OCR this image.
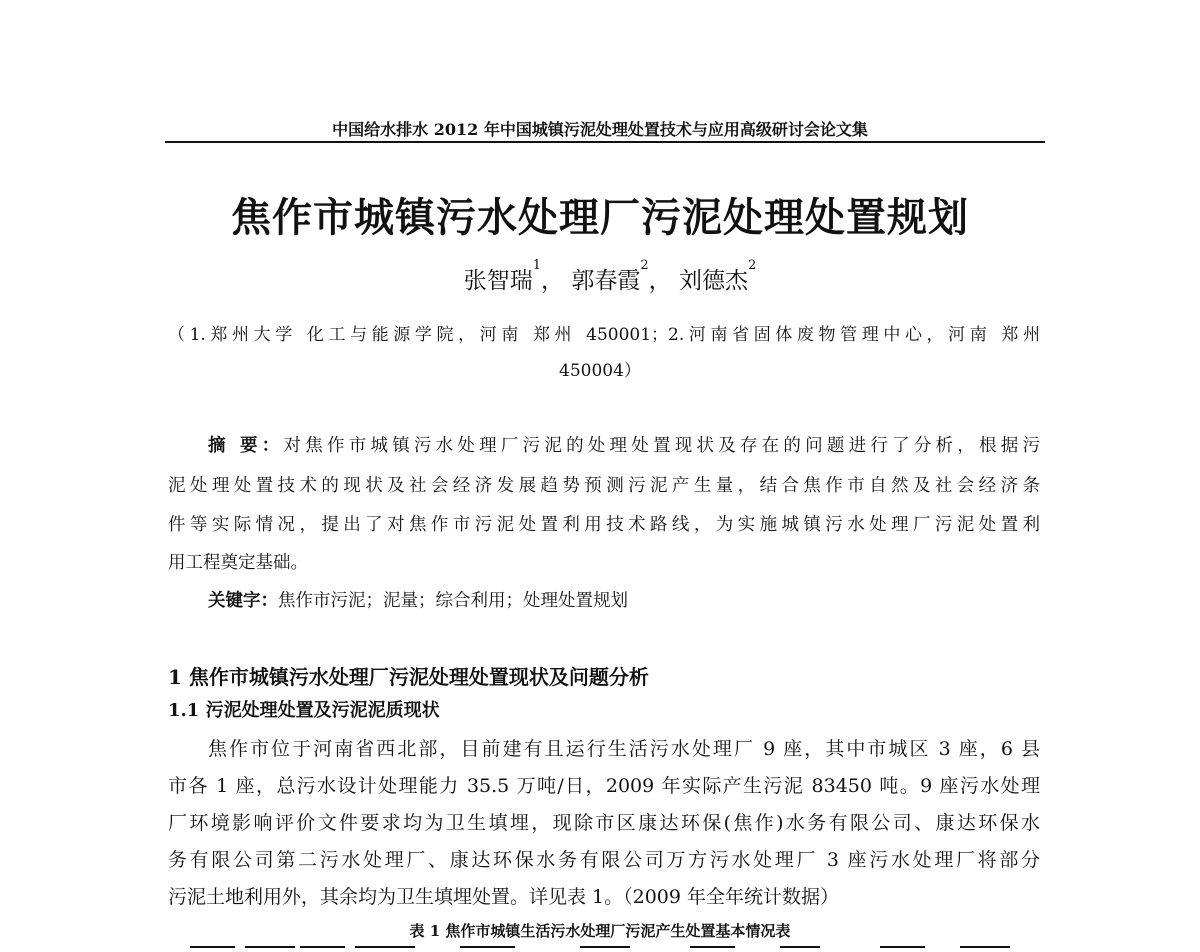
中国给水排水 2012 年中国城镇污泥处理处置技术与应用高级研讨会论文集
焦作市城镇污水处理厂污泥处理处置规划
张智瑞$^1$， 郭春霞$^2$， 刘德杰$^2$
（1.郑州大学 化工与能源学院，河南 郑州 450001；2.河南省固体废物管理中心，河南 郑州
450004）
摘 要：对焦作市城镇污水处理厂污泥的处理处置现状及存在的问题进行了分析，根据污
泥处理处置技术的现状及社会经济发展趋势预测污泥产生量，结合焦作市自然及社会经济条
件等实际情况，提出了对焦作市污泥处置利用技术路线，为实施城镇污水处理厂污泥处置利
用工程奠定基础。
关键字：焦作市污泥；泥量；综合利用；处理处置规划
1 焦作市城镇污水处理厂污泥处理处置现状及问题分析
1.1 污泥处理处置及污泥泥质现状
焦作市位于河南省西北部，目前建有且运行生活污水处理厂 9 座，其中市城区 3 座，6 县
市各 1 座，总污水设计处理能力 35.5 万吨/日，2009 年实际产生污泥 83450 吨。9 座污水处理
厂环境影响评价文件要求均为卫生填埋，现除市区康达环保(焦作)水务有限公司、康达环保水
务有限公司第二污水处理厂、康达环保水务有限公司万方污水处理厂 3 座污水处理厂将部分
污泥土地利用外，其余均为卫生填埋处置。详见表 1。（2009 年全年统计数据）
表 1 焦作市城镇生活污水处理厂污泥产生处置基本情况表
